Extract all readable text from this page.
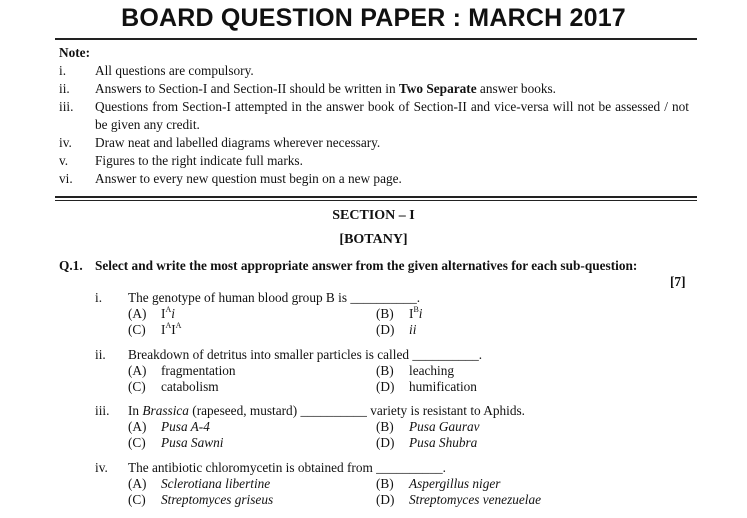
BOARD QUESTION PAPER : MARCH 2017
Note:
i.	All questions are compulsory.
ii.	Answers to Section-I and Section-II should be written in Two Separate answer books.
iii.	Questions from Section-I attempted in the answer book of Section-II and vice-versa will not be assessed / not be given any credit.
iv.	Draw neat and labelled diagrams wherever necessary.
v.	Figures to the right indicate full marks.
vi.	Answer to every new question must begin on a new page.
SECTION – I
[BOTANY]
Q.1. Select and write the most appropriate answer from the given alternatives for each sub-question:
[7]
i.	The genotype of human blood group B is __________.
(A)	$I^Ai$	(B)	$I^Bi$
(C)	$I^AI^A$	(D)	ii
ii.	Breakdown of detritus into smaller particles is called __________.
(A)	fragmentation	(B)	leaching
(C)	catabolism	(D)	humification
iii.	In Brassica (rapeseed, mustard) __________ variety is resistant to Aphids.
(A)	Pusa A-4	(B)	Pusa Gaurav
(C)	Pusa Sawni	(D)	Pusa Shubra
iv.	The antibiotic chloromycetin is obtained from __________.
(A)	Sclerotiana libertine	(B)	Aspergillus niger
(C)	Streptomyces griseus	(D)	Streptomyces venezuelae
